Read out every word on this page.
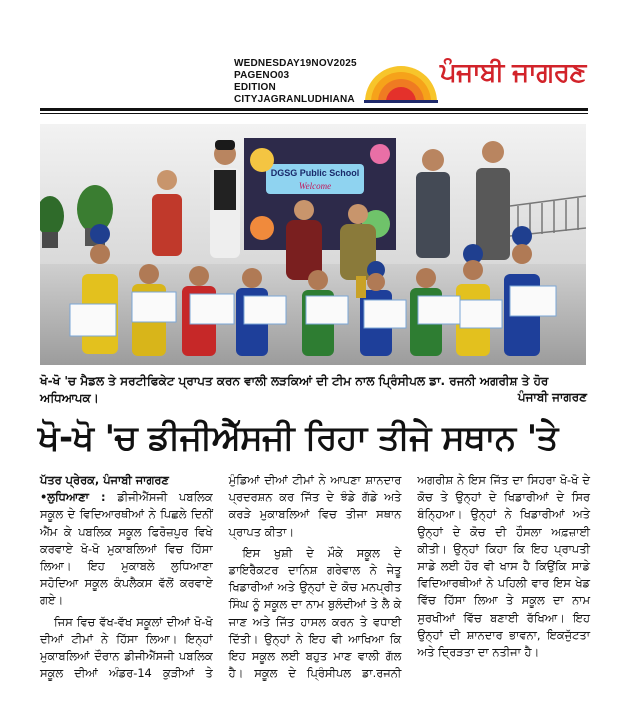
WEDNESDAY19NOV2025
PAGENO03
EDITION
CITYJAGRANLUDHIANA
ਪੰਜਾਬੀ ਜਾਗਰਣ
DGSG Public School
Welcome
ਖੋ-ਖੋ 'ਚ ਮੈਡਲ ਤੇ ਸਰਟੀਫਿਕੇਟ ਪ੍ਰਾਪਤ ਕਰਨ ਵਾਲੀ ਲੜਕਿਆਂ ਦੀ ਟੀਮ ਨਾਲ ਪ੍ਰਿੰਸੀਪਲ ਡਾ. ਰਜਨੀ ਅਗਰੀਸ਼ ਤੇ ਹੋਰ ਅਧਿਆਪਕ।	ਪੰਜਾਬੀ ਜਾਗਰਣ
ਖੋ-ਖੋ 'ਚ ਡੀਜੀਐੱਸਜੀ ਰਿਹਾ ਤੀਜੇ ਸਥਾਨ 'ਤੇ

ਪੱਤਰ ਪ੍ਰੇਰਕ, ਪੰਜਾਬੀ ਜਾਗਰਣ
•ਲੁਧਿਆਣਾ : ਡੀਜੀਐੱਸਜੀ ਪਬਲਿਕ ਸਕੂਲ ਦੇ ਵਿਦਿਆਰਥੀਆਂ ਨੇ ਪਿਛਲੇ ਦਿਨੀਂ ਐੱਮ ਕੇ ਪਬਲਿਕ ਸਕੂਲ ਫਿਰੋਜ਼ਪੁਰ ਵਿਖੇ ਕਰਵਾਏ ਖੋ-ਖੋ ਮੁਕਾਬਲਿਆਂ ਵਿਚ ਹਿੱਸਾ ਲਿਆ। ਇਹ ਮੁਕਾਬਲੇ ਲੁਧਿਆਣਾ ਸਹੋਦਿਆ ਸਕੂਲ ਕੰਪਲੈਕਸ ਵੱਲੋਂ ਕਰਵਾਏ ਗਏ।

ਜਿਸ ਵਿਚ ਵੱਖ-ਵੱਖ ਸਕੂਲਾਂ ਦੀਆਂ ਖੋ-ਖੋ ਦੀਆਂ ਟੀਮਾਂ ਨੇ ਹਿੱਸਾ ਲਿਆ। ਇਨ੍ਹਾਂ ਮੁਕਾਬਲਿਆਂ ਦੌਰਾਨ ਡੀਜੀਐੱਸਜੀ ਪਬਲਿਕ ਸਕੂਲ ਦੀਆਂ ਅੰਡਰ-14 ਕੁੜੀਆਂ ਤੇ ਮੁੰਡਿਆਂ ਦੀਆਂ ਟੀਮਾਂ ਨੇ ਆਪਣਾ ਸ਼ਾਨਦਾਰ ਪ੍ਰਦਰਸ਼ਨ ਕਰ ਜਿੱਤ ਦੇ ਝੰਡੇ ਗੱਡੇ ਅਤੇ ਕਰੜੇ ਮੁਕਾਬਲਿਆਂ ਵਿਚ ਤੀਜਾ ਸਥਾਨ ਪ੍ਰਾਪਤ ਕੀਤਾ।

ਇਸ ਖੁਸ਼ੀ ਦੇ ਮੌਕੇ ਸਕੂਲ ਦੇ ਡਾਇਰੈਕਟਰ ਦਾਨਿਸ਼ ਗਰੇਵਾਲ ਨੇ ਜੇਤੂ ਖਿਡਾਰੀਆਂ ਅਤੇ ਉਨ੍ਹਾਂ ਦੇ ਕੋਚ ਮਨਪ੍ਰੀਤ ਸਿੰਘ ਨੂੰ ਸਕੂਲ ਦਾ ਨਾਮ ਬੁਲੰਦੀਆਂ ਤੇ ਲੈ ਕੇ ਜਾਣ ਅਤੇ ਜਿੱਤ ਹਾਸਲ ਕਰਨ ਤੇ ਵਧਾਈ ਦਿੱਤੀ। ਉਨ੍ਹਾਂ ਨੇ ਇਹ ਵੀ ਆਖਿਆ ਕਿ ਇਹ ਸਕੂਲ ਲਈ ਬਹੁਤ ਮਾਣ ਵਾਲੀ ਗੱਲ ਹੈ। ਸਕੂਲ ਦੇ ਪ੍ਰਿੰਸੀਪਲ ਡਾ.ਰਜਨੀ ਅਗਰੀਸ਼ ਨੇ ਇਸ ਜਿੱਤ ਦਾ ਸਿਹਰਾ ਖੋ-ਖੋ ਦੇ ਕੋਚ ਤੇ ਉਨ੍ਹਾਂ ਦੇ ਖਿਡਾਰੀਆਂ ਦੇ ਸਿਰ ਬੰਨ੍ਹਿਆ। ਉਨ੍ਹਾਂ ਨੇ ਖਿਡਾਰੀਆਂ ਅਤੇ ਉਨ੍ਹਾਂ ਦੇ ਕੋਚ ਦੀ ਹੌਸਲਾ ਅਫ਼ਜ਼ਾਈ ਕੀਤੀ। ਉਨ੍ਹਾਂ ਕਿਹਾ ਕਿ ਇਹ ਪ੍ਰਾਪਤੀ ਸਾਡੇ ਲਈ ਹੋਰ ਵੀ ਖਾਸ ਹੈ ਕਿਉਂਕਿ ਸਾਡੇ ਵਿਦਿਆਰਥੀਆਂ ਨੇ ਪਹਿਲੀ ਵਾਰ ਇਸ ਖੇਡ ਵਿੱਚ ਹਿੱਸਾ ਲਿਆ ਤੇ ਸਕੂਲ ਦਾ ਨਾਮ ਸੁਰਖੀਆਂ ਵਿੱਚ ਬਣਾਈ ਰੱਖਿਆ। ਇਹ ਉਨ੍ਹਾਂ ਦੀ ਸ਼ਾਨਦਾਰ ਭਾਵਨਾ, ਇਕਜੁੱਟਤਾ ਅਤੇ ਦ੍ਰਿੜਤਾ ਦਾ ਨਤੀਜਾ ਹੈ।
